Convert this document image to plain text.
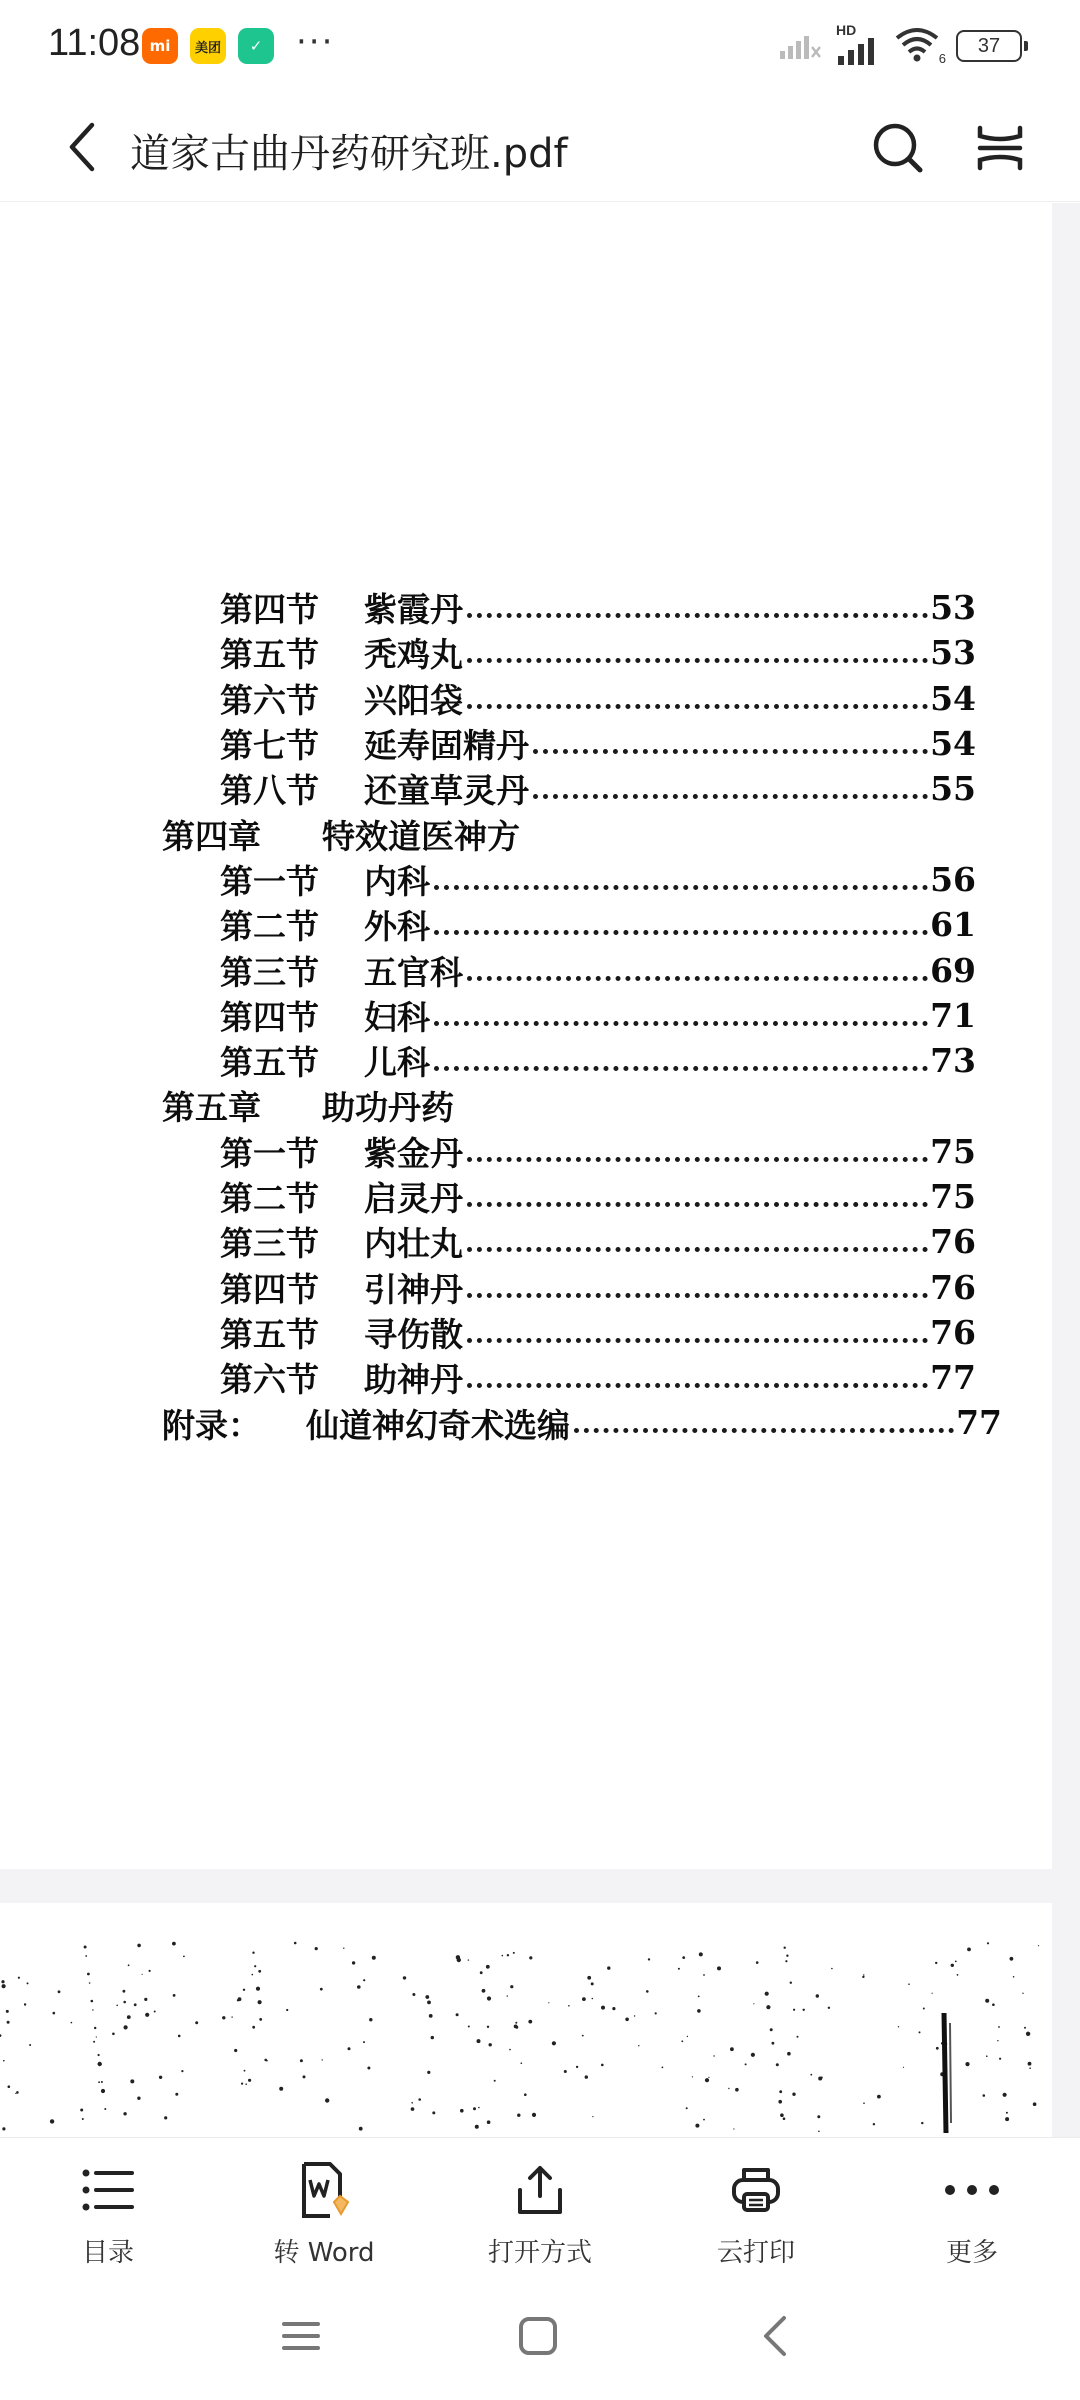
11:08 mi	美团	✓ ···	HD
6
37
道家古曲丹药研究班.pdf
第四节	紫霞丹	53
第五节	秃鸡丸	53
第六节	兴阳袋	54
第七节	延寿固精丹	54
第八节	还童草灵丹	55
第四章	特效道医神方
第一节	内科	56
第二节	外科	61
第三节	五官科	69
第四节	妇科	71
第五节	儿科	73
第五章	助功丹药
第一节	紫金丹	75
第二节	启灵丹	75
第三节	内壮丸	76
第四节	引神丹	76
第五节	寻伤散	76
第六节	助神丹	77
附录：	仙道神幻奇术选编	77
目录	转 Word	打开方式	云打印	更多
